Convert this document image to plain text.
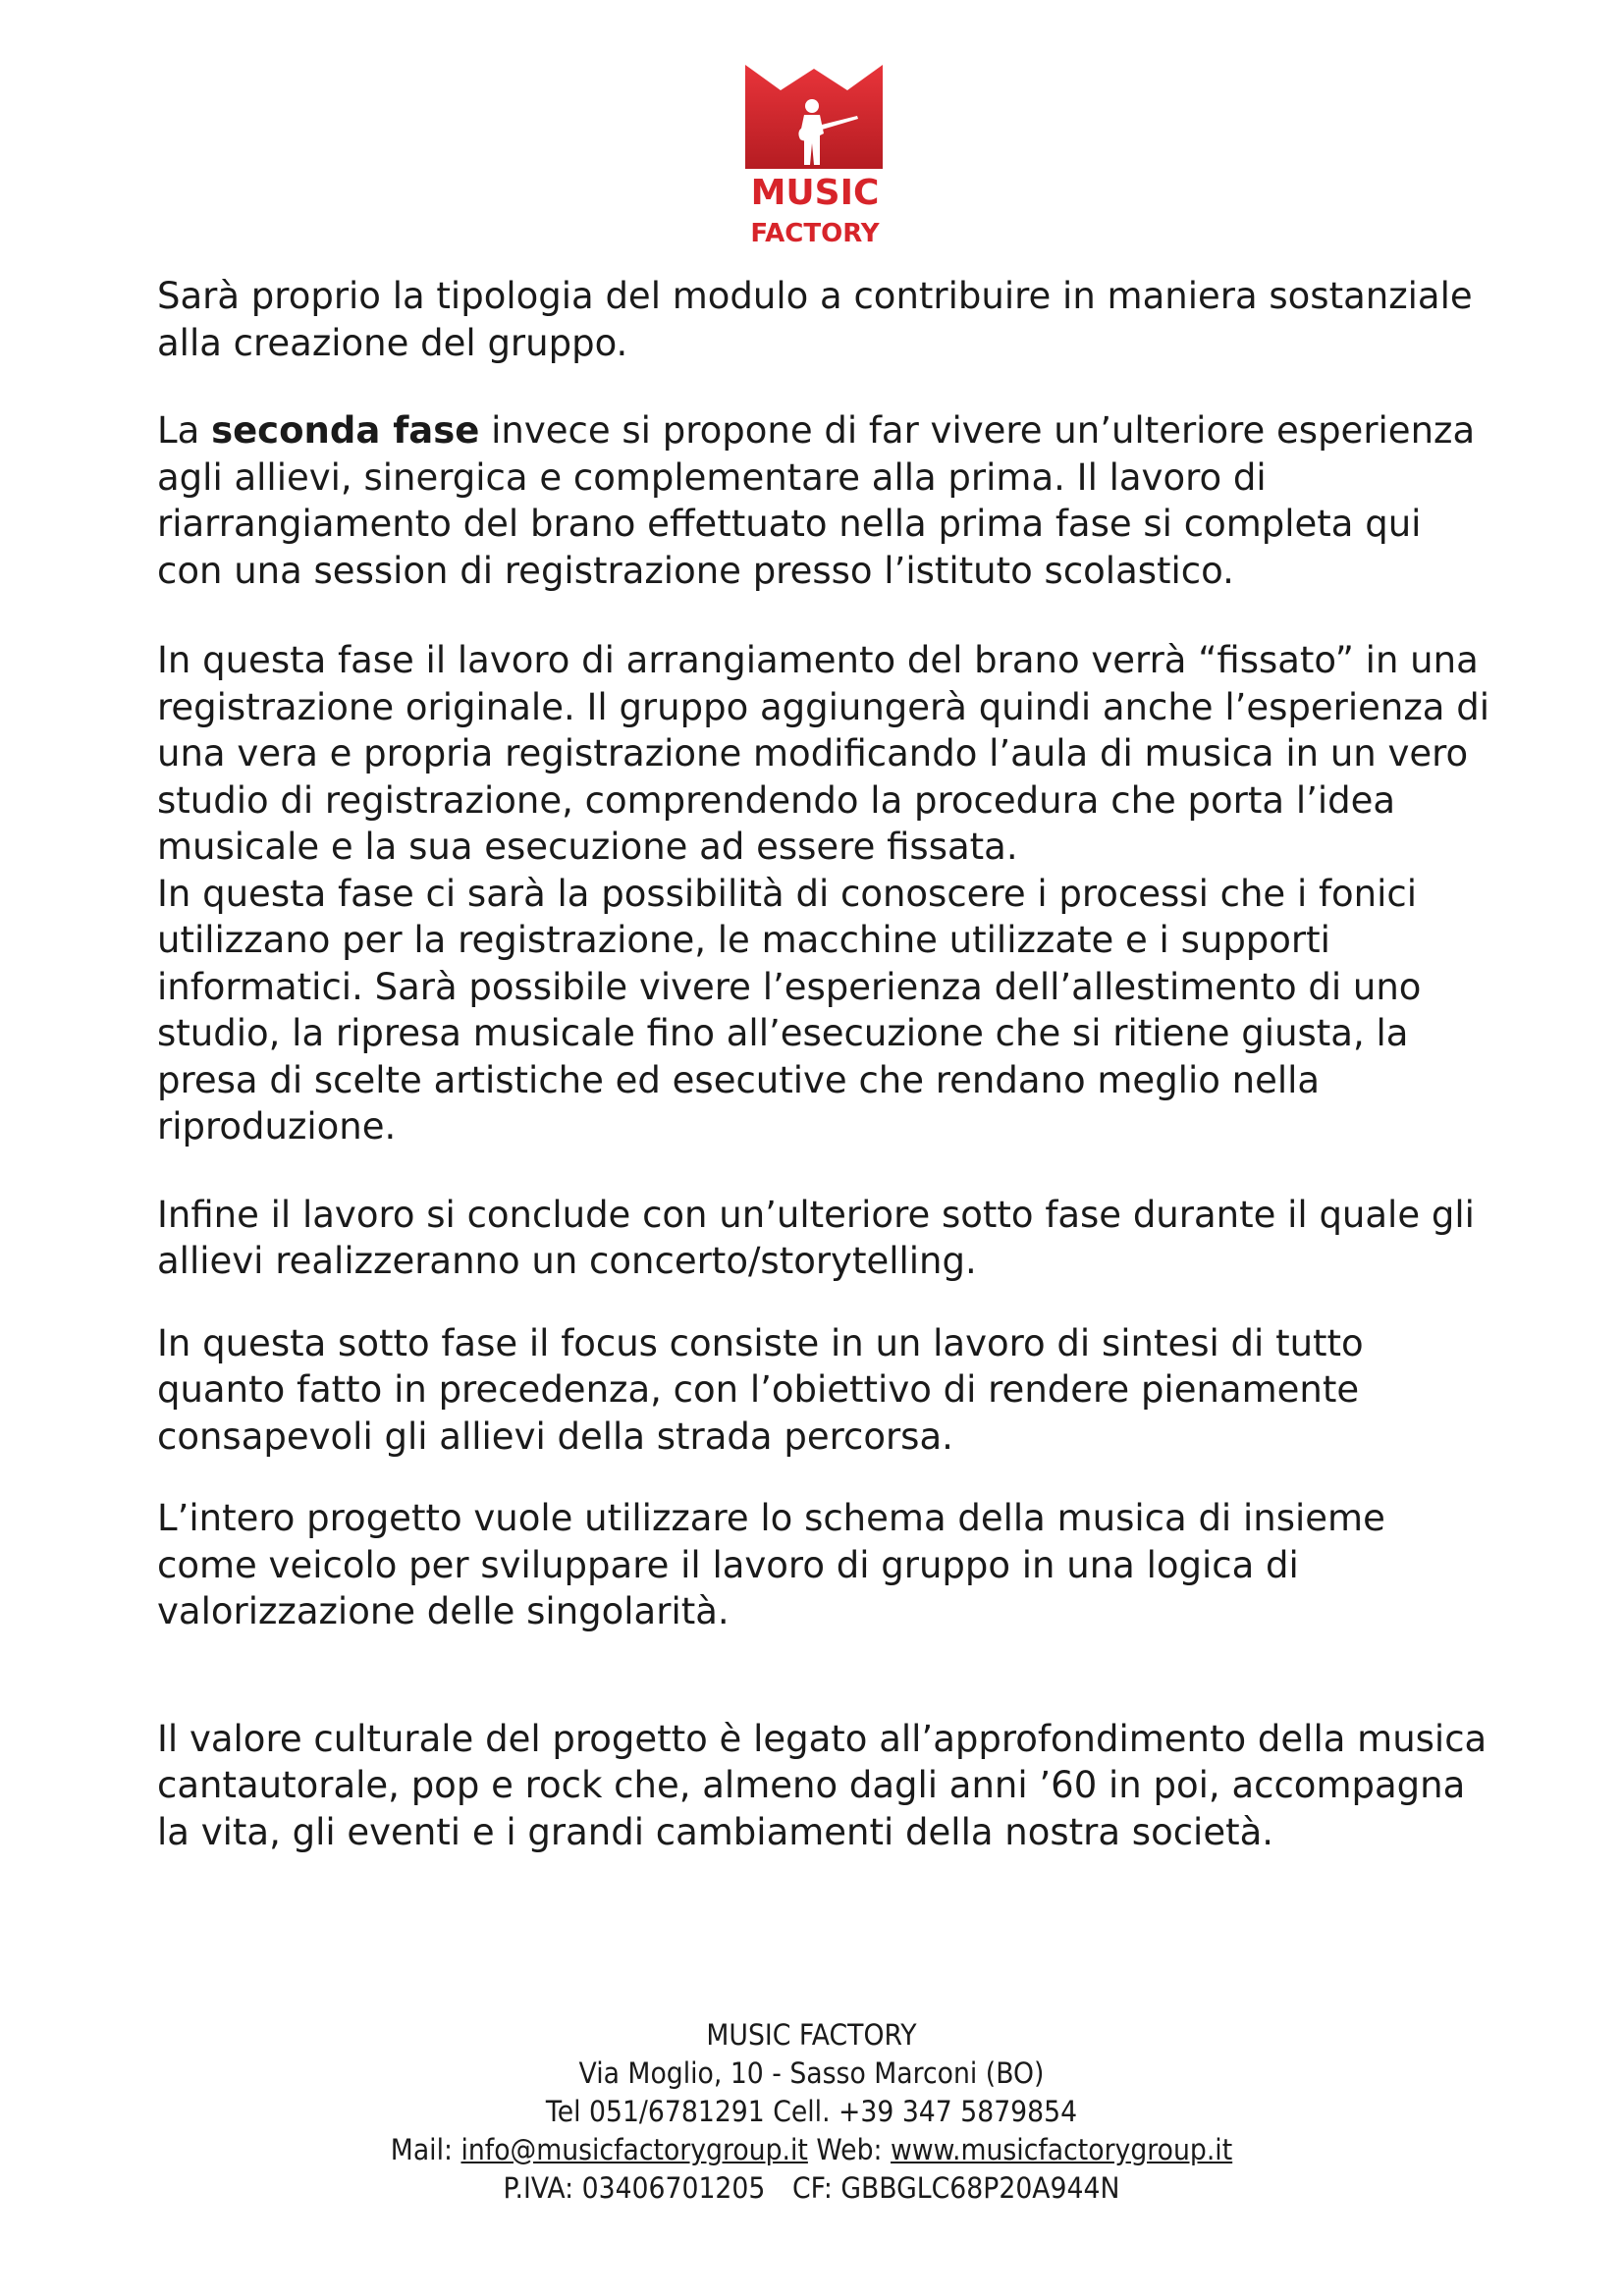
MUSIC
FACTORY

Sarà proprio la tipologia del modulo a contribuire in maniera sostanziale alla creazione del gruppo.

La seconda fase invece si propone di far vivere un’ulteriore esperienza agli allievi, sinergica e complementare alla prima. Il lavoro di riarrangiamento del brano effettuato nella prima fase si completa qui con una session di registrazione presso l’istituto scolastico.

In questa fase il lavoro di arrangiamento del brano verrà “fissato” in una registrazione originale. Il gruppo aggiungerà quindi anche l’esperienza di una vera e propria registrazione modificando l’aula di musica in un vero studio di registrazione, comprendendo la procedura che porta l’idea musicale e la sua esecuzione ad essere fissata.

In questa fase ci sarà la possibilità di conoscere i processi che i fonici utilizzano per la registrazione, le macchine utilizzate e i supporti informatici. Sarà possibile vivere l’esperienza dell’allestimento di uno studio, la ripresa musicale fino all’esecuzione che si ritiene giusta, la presa di scelte artistiche ed esecutive che rendano meglio nella riproduzione.

Infine il lavoro si conclude con un’ulteriore sotto fase durante il quale gli allievi realizzeranno un concerto/storytelling.

In questa sotto fase il focus consiste in un lavoro di sintesi di tutto quanto fatto in precedenza, con l’obiettivo di rendere pienamente consapevoli gli allievi della strada percorsa.

L’intero progetto vuole utilizzare lo schema della musica di insieme come veicolo per sviluppare il lavoro di gruppo in una logica di valorizzazione delle singolarità.

Il valore culturale del progetto è legato all’approfondimento della musica cantautorale, pop e rock che, almeno dagli anni ’60 in poi, accompagna la vita, gli eventi e i grandi cambiamenti della nostra società.

MUSIC FACTORY
Via Moglio, 10 - Sasso Marconi (BO)
Tel 051/6781291 Cell. +39 347 5879854
Mail: info@musicfactorygroup.it Web: www.musicfactorygroup.it
P.IVA: 03406701205 CF: GBBGLC68P20A944N
